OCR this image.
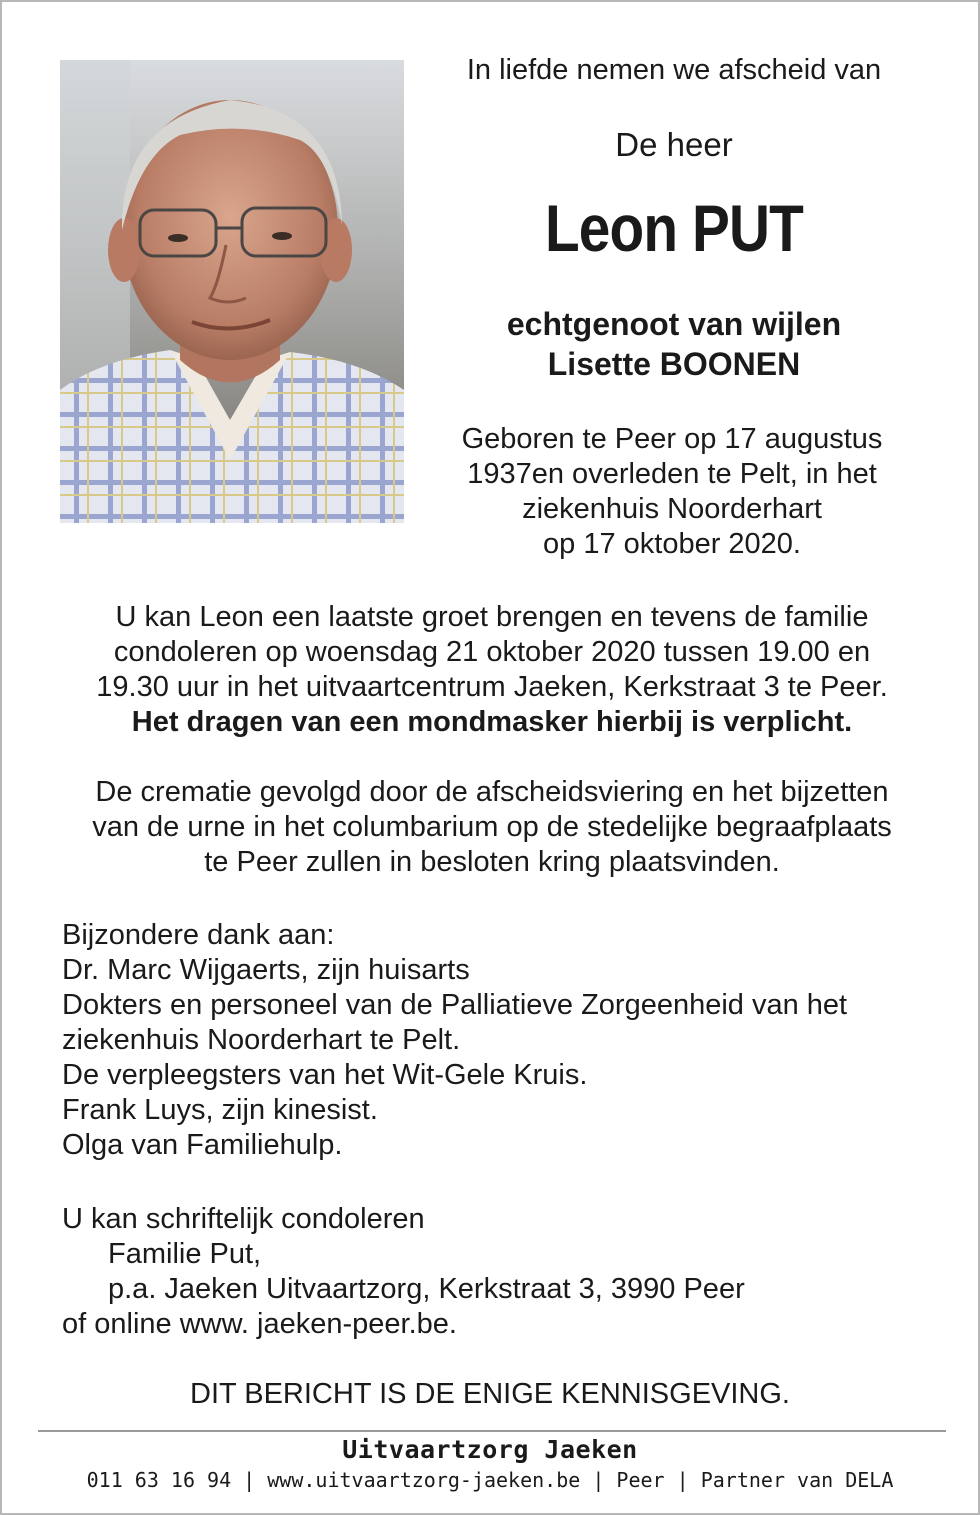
In liefde nemen we afscheid van
De heer
Leon PUT
echtgenoot van wijlen
Lisette BOONEN
Geboren te Peer op 17 augustus
1937en overleden te Pelt, in het
ziekenhuis Noorderhart
op 17 oktober 2020.
U kan Leon een laatste groet brengen en tevens de familie
condoleren op woensdag 21 oktober 2020 tussen 19.00 en
19.30 uur in het uitvaartcentrum Jaeken, Kerkstraat 3 te Peer.
Het dragen van een mondmasker hierbij is verplicht.
De crematie gevolgd door de afscheidsviering en het bijzetten
van de urne in het columbarium op de stedelijke begraafplaats
te Peer zullen in besloten kring plaatsvinden.
Bijzondere dank aan:
Dr. Marc Wijgaerts, zijn huisarts
Dokters en personeel van de Palliatieve Zorgeenheid van het
ziekenhuis Noorderhart te Pelt.
De verpleegsters van het Wit-Gele Kruis.
Frank Luys, zijn kinesist.
Olga van Familiehulp.
U kan schriftelijk condoleren
Familie Put,
p.a. Jaeken Uitvaartzorg, Kerkstraat 3, 3990 Peer
of online www. jaeken-peer.be.
DIT BERICHT IS DE ENIGE KENNISGEVING.
Uitvaartzorg Jaeken
011 63 16 94 | www.uitvaartzorg-jaeken.be | Peer | Partner van DELA
